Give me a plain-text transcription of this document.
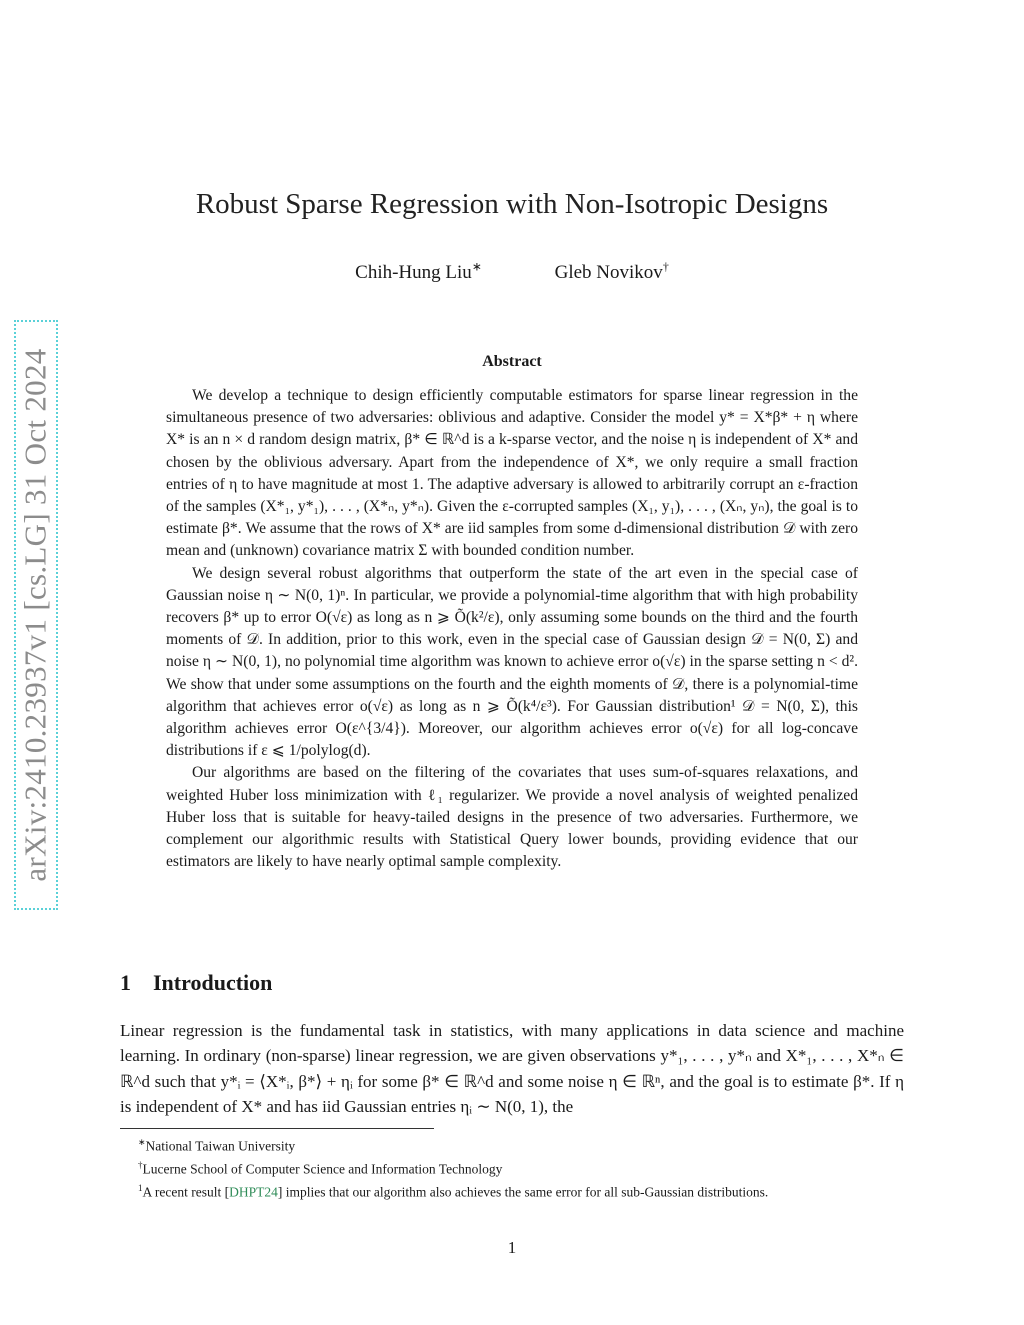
arXiv:2410.23937v1 [cs.LG] 31 Oct 2024
Robust Sparse Regression with Non-Isotropic Designs
Chih-Hung Liu∗	Gleb Novikov†
Abstract

We develop a technique to design efficiently computable estimators for sparse linear regression in the simultaneous presence of two adversaries: oblivious and adaptive. Consider the model y* = X*β* + η where X* is an n × d random design matrix, β* ∈ ℝ^d is a k-sparse vector, and the noise η is independent of X* and chosen by the oblivious adversary. Apart from the independence of X*, we only require a small fraction entries of η to have magnitude at most 1. The adaptive adversary is allowed to arbitrarily corrupt an ε-fraction of the samples (X*₁, y*₁), . . . , (X*ₙ, y*ₙ). Given the ε-corrupted samples (X₁, y₁), . . . , (Xₙ, yₙ), the goal is to estimate β*. We assume that the rows of X* are iid samples from some d-dimensional distribution 𝒟 with zero mean and (unknown) covariance matrix Σ with bounded condition number.

We design several robust algorithms that outperform the state of the art even in the special case of Gaussian noise η ∼ N(0, 1)ⁿ. In particular, we provide a polynomial-time algorithm that with high probability recovers β* up to error O(√ε) as long as n ⩾ Õ(k²/ε), only assuming some bounds on the third and the fourth moments of 𝒟. In addition, prior to this work, even in the special case of Gaussian design 𝒟 = N(0, Σ) and noise η ∼ N(0, 1), no polynomial time algorithm was known to achieve error o(√ε) in the sparse setting n < d². We show that under some assumptions on the fourth and the eighth moments of 𝒟, there is a polynomial-time algorithm that achieves error o(√ε) as long as n ⩾ Õ(k⁴/ε³). For Gaussian distribution¹ 𝒟 = N(0, Σ), this algorithm achieves error O(ε^{3/4}). Moreover, our algorithm achieves error o(√ε) for all log-concave distributions if ε ⩽ 1/polylog(d).

Our algorithms are based on the filtering of the covariates that uses sum-of-squares relaxations, and weighted Huber loss minimization with ℓ₁ regularizer. We provide a novel analysis of weighted penalized Huber loss that is suitable for heavy-tailed designs in the presence of two adversaries. Furthermore, we complement our algorithmic results with Statistical Query lower bounds, providing evidence that our estimators are likely to have nearly optimal sample complexity.

1 Introduction

Linear regression is the fundamental task in statistics, with many applications in data science and machine learning. In ordinary (non-sparse) linear regression, we are given observations y*₁, . . . , y*ₙ and X*₁, . . . , X*ₙ ∈ ℝ^d such that y*ᵢ = ⟨X*ᵢ, β*⟩ + ηᵢ for some β* ∈ ℝ^d and some noise η ∈ ℝⁿ, and the goal is to estimate β*. If η is independent of X* and has iid Gaussian entries ηᵢ ∼ N(0, 1), the

∗National Taiwan University
†Lucerne School of Computer Science and Information Technology
$^1$A recent result [DHPT24] implies that our algorithm also achieves the same error for all sub-Gaussian distributions.
1
